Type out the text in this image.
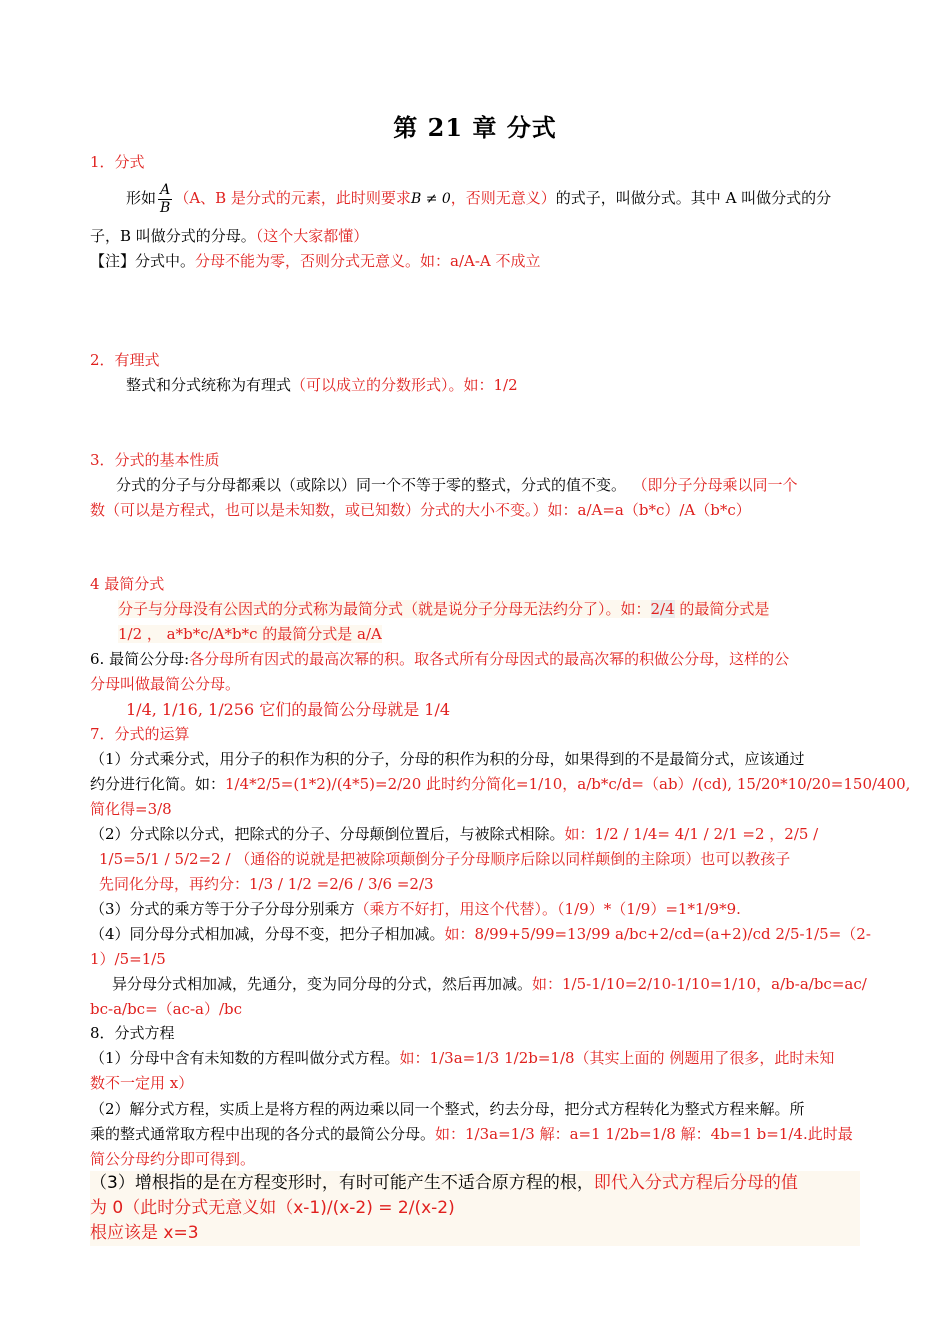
第 21 章 分式
1．分式
形如 $\frac{A}{B} (A$、B 是分式的元素，此时则要求B ≠ 0，否则无意义）的式子，叫做分式。其中 A 叫做分式的分
子，B 叫做分式的分母。（这个大家都懂）
【注】分式中。分母不能为零，否则分式无意义。如：a/A-A 不成立
2．有理式
整式和分式统称为有理式（可以成立的分数形式）。如：1/2
3．分式的基本性质
分式的分子与分母都乘以（或除以）同一个不等于零的整式，分式的值不变。 （即分子分母乘以同一个
数（可以是方程式，也可以是未知数，或已知数）分式的大小不变。）如：a/A=a（b*c）/A（b*c）
4 最简分式
分子与分母没有公因式的分式称为最简分式（就是说分子分母无法约分了）。如：2/4 的最简分式是
1/2 ， a*b*c/A*b*c 的最简分式是 a/A
6. 最简公分母:各分母所有因式的最高次幂的积。取各式所有分母因式的最高次幂的积做公分母，这样的公
分母叫做最简公分母。
1/4, 1/16, 1/256 它们的最简公分母就是 1/4
7．分式的运算
（1）分式乘分式，用分子的积作为积的分子，分母的积作为积的分母，如果得到的不是最简分式，应该通过
约分进行化简。如：1/4*2/5=(1*2)/(4*5)=2/20 此时约分简化=1/10，a/b*c/d=（ab）/(cd), 15/20*10/20=150/400,
简化得=3/8
（2）分式除以分式，把除式的分子、分母颠倒位置后，与被除式相除。如：1/2 / 1/4= 4/1 / 2/1 =2 ，2/5 /
1/5=5/1 / 5/2=2 / （通俗的说就是把被除项颠倒分子分母顺序后除以同样颠倒的主除项）也可以教孩子
先同化分母，再约分：1/3 / 1/2 =2/6 / 3/6 =2/3
（3）分式的乘方等于分子分母分别乘方（乘方不好打，用这个代替）。（1/9）*（1/9）=1*1/9*9.
（4）同分母分式相加减，分母不变，把分子相加减。如：8/99+5/99=13/99 a/bc+2/cd=(a+2)/cd 2/5-1/5=（2-
1）/5=1/5
异分母分式相加减，先通分，变为同分母的分式，然后再加减。如：1/5-1/10=2/10-1/10=1/10，a/b-a/bc=ac/
bc-a/bc=（ac-a）/bc
8．分式方程
（1）分母中含有未知数的方程叫做分式方程。如：1/3a=1/3 1/2b=1/8（其实上面的 例题用了很多，此时未知
数不一定用 x）
（2）解分式方程，实质上是将方程的两边乘以同一个整式，约去分母，把分式方程转化为整式方程来解。所
乘的整式通常取方程中出现的各分式的最简公分母。如：1/3a=1/3 解：a=1 1/2b=1/8 解：4b=1 b=1/4.此时最
简公分母约分即可得到。
（3）增根指的是在方程变形时，有时可能产生不适合原方程的根，即代入分式方程后分母的值
为 0（此时分式无意义如（x-1)/(x-2) = 2/(x-2)
根应该是 x=3
